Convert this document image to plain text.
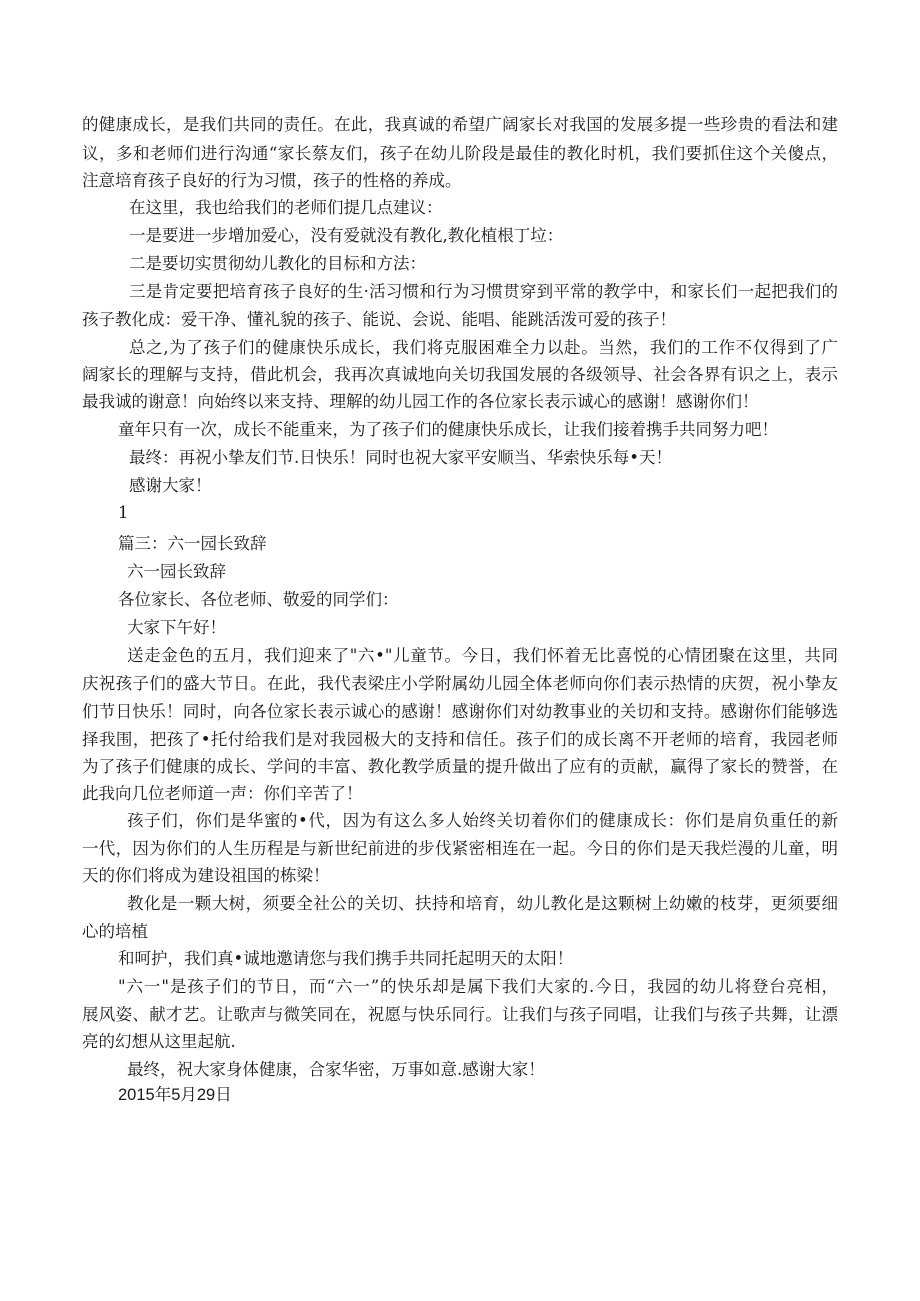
的健康成长，是我们共同的责任。在此，我真诚的希望广阔家长对我国的发展多提一些珍贵的看法和建
议，多和老师们进行沟通“家长蔡友们，孩子在幼儿阶段是最佳的教化时机，我们要抓住这个关傻点，
注意培育孩子良好的行为习惯，孩子的性格的养成。
在这里，我也给我们的老师们提几点建议：
一是要进一步增加爱心，没有爱就没有教化,教化植根丁垃：
二是要切实贯彻幼儿教化的目标和方法：
三是肯定要把培育孩子良好的生·活习惯和行为习惯贯穿到平常的教学中，和家长们一起把我们的
孩子教化成：爱干净、懂礼貌的孩子、能说、会说、能唱、能跳活泼可爱的孩子！
总之,为了孩子们的健康快乐成长，我们将克服困难全力以赴。当然，我们的工作不仅得到了广
阔家长的理解与支持，借此机会，我再次真诚地向关切我国发展的各级领导、社会各界有识之上，表示
最我诚的谢意！向始终以来支持、理解的幼儿园工作的各位家长表示诚心的感谢！感谢你们！
童年只有一次，成长不能重来，为了孩子们的健康快乐成长，让我们接着携手共同努力吧！
最终：再祝小挚友们节.日快乐！同时也祝大家平安顺当、华索快乐每•天！
感谢大家！
1
篇三：六一园长致辞
六一园长致辞
各位家长、各位老师、敬爱的同学们：
大家下午好！
送走金色的五月，我们迎来了"六•"儿童节。今日，我们怀着无比喜悦的心情团聚在这里，共同
庆祝孩子们的盛大节日。在此，我代表梁庄小学附属幼儿园全体老师向你们表示热情的庆贺，祝小挚友
们节日快乐！同时，向各位家长表示诚心的感谢！感谢你们对幼教事业的关切和支持。感谢你们能够选
择我围，把孩了•托付给我们是对我园极大的支持和信任。孩子们的成长离不开老师的培育，我园老师
为了孩子们健康的成长、学问的丰富、教化教学质量的提升做出了应有的贡献，赢得了家长的赞誉，在
此我向几位老师道一声：你们辛苦了！
孩子们，你们是华蜜的•代，因为有这么多人始终关切着你们的健康成长：你们是肩负重任的新
一代，因为你们的人生历程是与新世纪前进的步伐紧密相连在一起。今日的你们是天我烂漫的儿童，明
天的你们将成为建设祖国的栋梁！
教化是一颗大树，须要全社公的关切、扶持和培育，幼儿教化是这颗树上幼嫩的枝芽，更须要细
心的培植
和呵护，我们真•诚地邀请您与我们携手共同托起明天的太阳！
"六一"是孩子们的节日，而“六一”的快乐却是属下我们大家的.今日，我园的幼儿将登台亮相，
展风姿、献才艺。让歌声与微笑同在，祝愿与快乐同行。让我们与孩子同唱，让我们与孩子共舞，让漂
亮的幻想从这里起航.
最终，祝大家身体健康，合家华密，万事如意.感谢大家！
2015年5月29日
